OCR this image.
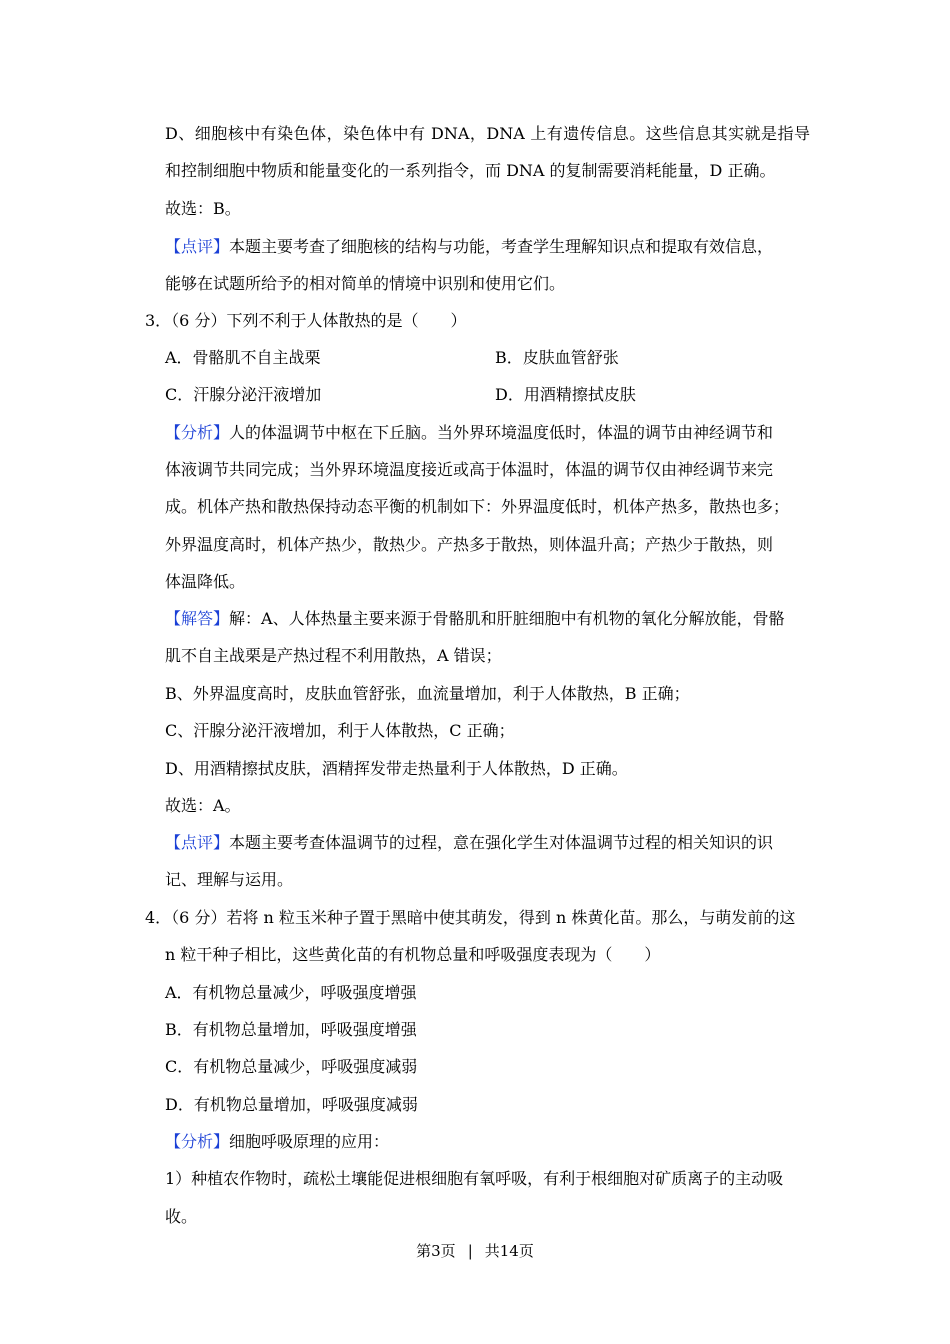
D、细胞核中有染色体，染色体中有 DNA，DNA 上有遗传信息。这些信息其实就是指导
和控制细胞中物质和能量变化的一系列指令，而 DNA 的复制需要消耗能量，D 正确。
故选：B。
【点评】本题主要考查了细胞核的结构与功能，考查学生理解知识点和提取有效信息，
能够在试题所给予的相对简单的情境中识别和使用它们。
3．（6 分）下列不利于人体散热的是（　　）
A．骨骼肌不自主战栗	B．皮肤血管舒张
C．汗腺分泌汗液增加	D．用酒精擦拭皮肤
【分析】人的体温调节中枢在下丘脑。当外界环境温度低时，体温的调节由神经调节和
体液调节共同完成；当外界环境温度接近或高于体温时，体温的调节仅由神经调节来完
成。机体产热和散热保持动态平衡的机制如下：外界温度低时，机体产热多，散热也多；
外界温度高时，机体产热少，散热少。产热多于散热，则体温升高；产热少于散热，则
体温降低。
【解答】解：A、人体热量主要来源于骨骼肌和肝脏细胞中有机物的氧化分解放能，骨骼
肌不自主战栗是产热过程不利用散热，A 错误；
B、外界温度高时，皮肤血管舒张，血流量增加，利于人体散热，B 正确；
C、汗腺分泌汗液增加，利于人体散热，C 正确；
D、用酒精擦拭皮肤，酒精挥发带走热量利于人体散热，D 正确。
故选：A。
【点评】本题主要考查体温调节的过程，意在强化学生对体温调节过程的相关知识的识
记、理解与运用。
4．（6 分）若将 n 粒玉米种子置于黑暗中使其萌发，得到 n 株黄化苗。那么，与萌发前的这
n 粒干种子相比，这些黄化苗的有机物总量和呼吸强度表现为（　　）
A．有机物总量减少，呼吸强度增强
B．有机物总量增加，呼吸强度增强
C．有机物总量减少，呼吸强度减弱
D．有机物总量增加，呼吸强度减弱
【分析】细胞呼吸原理的应用：
1）种植农作物时，疏松土壤能促进根细胞有氧呼吸，有利于根细胞对矿质离子的主动吸
收。
第3页 | 共14页
